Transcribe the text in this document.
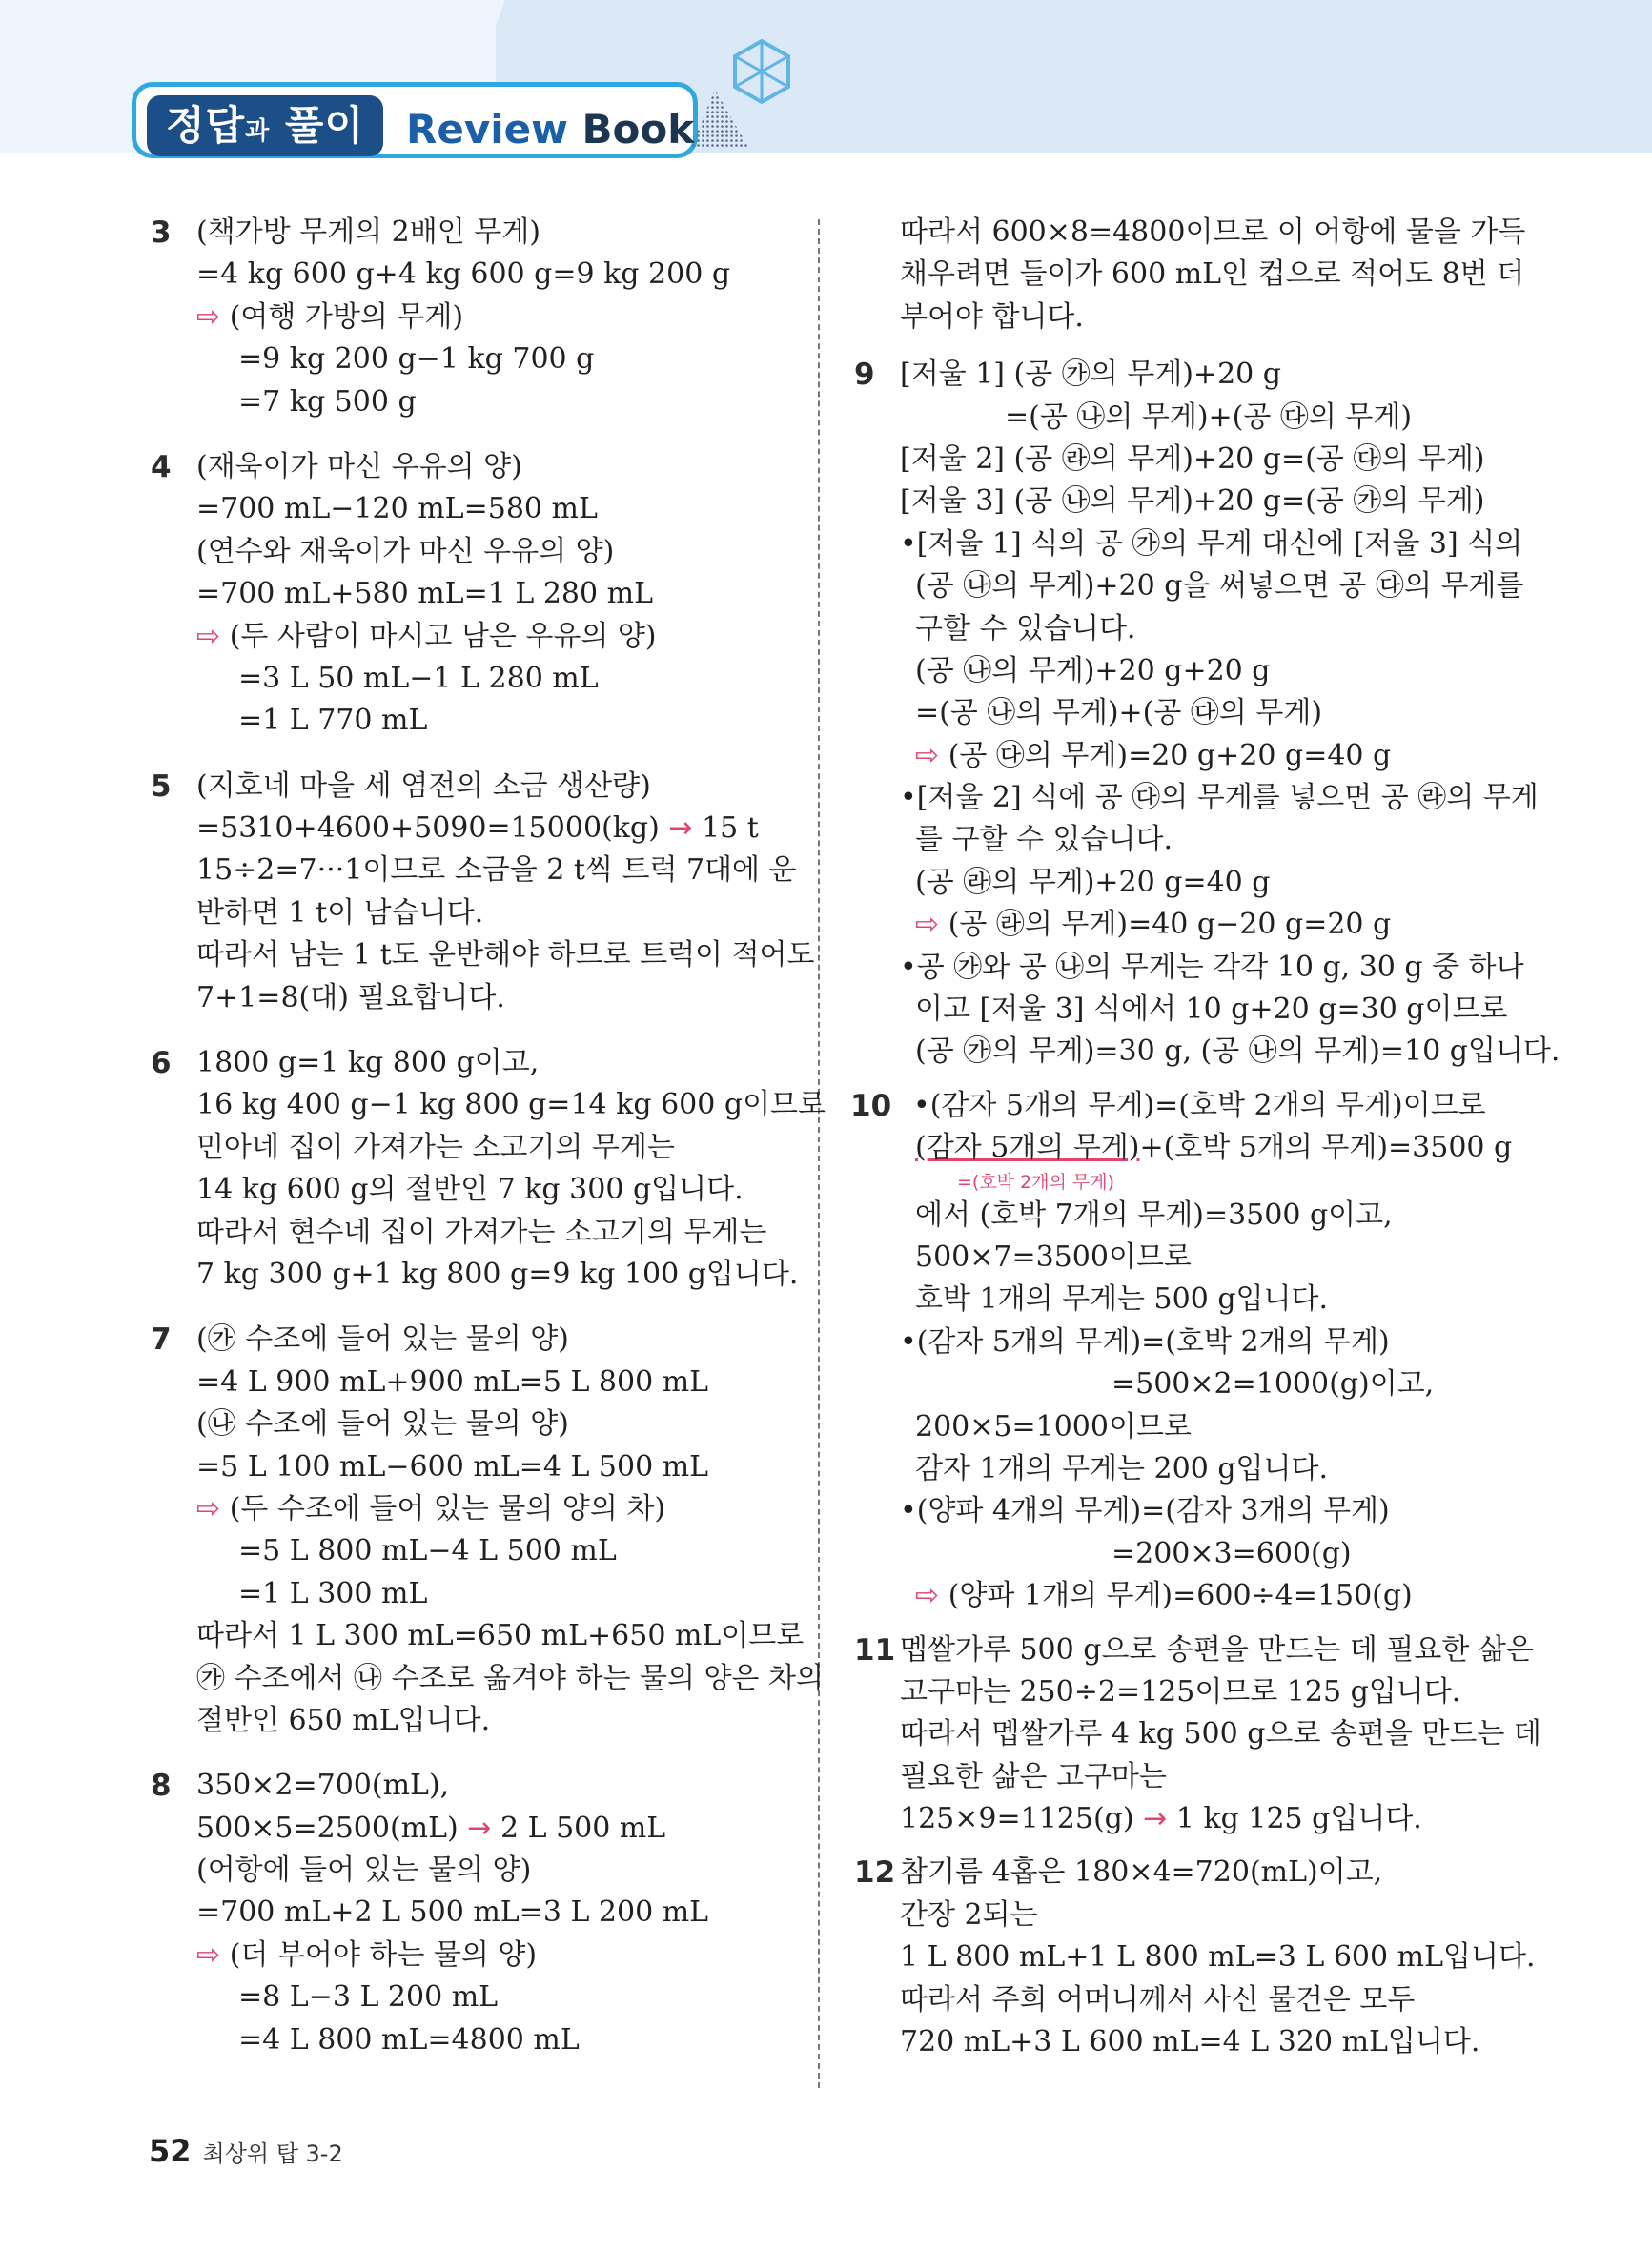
정답과 풀이	Review Book
3 (책가방 무게의 2배인 무게)
=4 kg 600 g+4 kg 600 g=9 kg 200 g
⇨ (여행 가방의 무게)
=9 kg 200 g−1 kg 700 g
=7 kg 500 g
4 (재욱이가 마신 우유의 양)
=700 mL−120 mL=580 mL
(연수와 재욱이가 마신 우유의 양)
=700 mL+580 mL=1 L 280 mL
⇨ (두 사람이 마시고 남은 우유의 양)
=3 L 50 mL−1 L 280 mL
=1 L 770 mL
5 (지호네 마을 세 염전의 소금 생산량)
=5310+4600+5090=15000(kg) → 15 t
15÷2=7···1이므로 소금을 2 t씩 트럭 7대에 운
반하면 1 t이 남습니다.
따라서 남는 1 t도 운반해야 하므로 트럭이 적어도
7+1=8(대) 필요합니다.
6 1800 g=1 kg 800 g이고,
16 kg 400 g−1 kg 800 g=14 kg 600 g이므로
민아네 집이 가져가는 소고기의 무게는
14 kg 600 g의 절반인 7 kg 300 g입니다.
따라서 현수네 집이 가져가는 소고기의 무게는
7 kg 300 g+1 kg 800 g=9 kg 100 g입니다.
7 (㉮ 수조에 들어 있는 물의 양)
=4 L 900 mL+900 mL=5 L 800 mL
(㉯ 수조에 들어 있는 물의 양)
=5 L 100 mL−600 mL=4 L 500 mL
⇨ (두 수조에 들어 있는 물의 양의 차)
=5 L 800 mL−4 L 500 mL
=1 L 300 mL
따라서 1 L 300 mL=650 mL+650 mL이므로
㉮ 수조에서 ㉯ 수조로 옮겨야 하는 물의 양은 차의
절반인 650 mL입니다.
8 350×2=700(mL),
500×5=2500(mL) → 2 L 500 mL
(어항에 들어 있는 물의 양)
=700 mL+2 L 500 mL=3 L 200 mL
⇨ (더 부어야 하는 물의 양)
=8 L−3 L 200 mL
=4 L 800 mL=4800 mL
따라서 600×8=4800이므로 이 어항에 물을 가득
채우려면 들이가 600 mL인 컵으로 적어도 8번 더
부어야 합니다.
9 [저울 1] (공 ㉮의 무게)+20 g
=(공 ㉯의 무게)+(공 ㉰의 무게)
[저울 2] (공 ㉱의 무게)+20 g=(공 ㉰의 무게)
[저울 3] (공 ㉯의 무게)+20 g=(공 ㉮의 무게)
•[저울 1] 식의 공 ㉮의 무게 대신에 [저울 3] 식의
(공 ㉯의 무게)+20 g을 써넣으면 공 ㉰의 무게를
구할 수 있습니다.
(공 ㉯의 무게)+20 g+20 g
=(공 ㉯의 무게)+(공 ㉰의 무게)
⇨ (공 ㉰의 무게)=20 g+20 g=40 g
•[저울 2] 식에 공 ㉰의 무게를 넣으면 공 ㉱의 무게
를 구할 수 있습니다.
(공 ㉱의 무게)+20 g=40 g
⇨ (공 ㉱의 무게)=40 g−20 g=20 g
•공 ㉮와 공 ㉯의 무게는 각각 10 g, 30 g 중 하나
이고 [저울 3] 식에서 10 g+20 g=30 g이므로
(공 ㉮의 무게)=30 g, (공 ㉯의 무게)=10 g입니다.
10 •(감자 5개의 무게)=(호박 2개의 무게)이므로
(감자 5개의 무게)+(호박 5개의 무게)=3500 g
=(호박 2개의 무게)
에서 (호박 7개의 무게)=3500 g이고,
500×7=3500이므로
호박 1개의 무게는 500 g입니다.
•(감자 5개의 무게)=(호박 2개의 무게)
=500×2=1000(g)이고,
200×5=1000이므로
감자 1개의 무게는 200 g입니다.
•(양파 4개의 무게)=(감자 3개의 무게)
=200×3=600(g)
⇨ (양파 1개의 무게)=600÷4=150(g)
11 멥쌀가루 500 g으로 송편을 만드는 데 필요한 삶은
고구마는 250÷2=125이므로 125 g입니다.
따라서 멥쌀가루 4 kg 500 g으로 송편을 만드는 데
필요한 삶은 고구마는
125×9=1125(g) → 1 kg 125 g입니다.
12 참기름 4홉은 180×4=720(mL)이고,
간장 2되는
1 L 800 mL+1 L 800 mL=3 L 600 mL입니다.
따라서 주희 어머니께서 사신 물건은 모두
720 mL+3 L 600 mL=4 L 320 mL입니다.
52 최상위 탑 3-2
